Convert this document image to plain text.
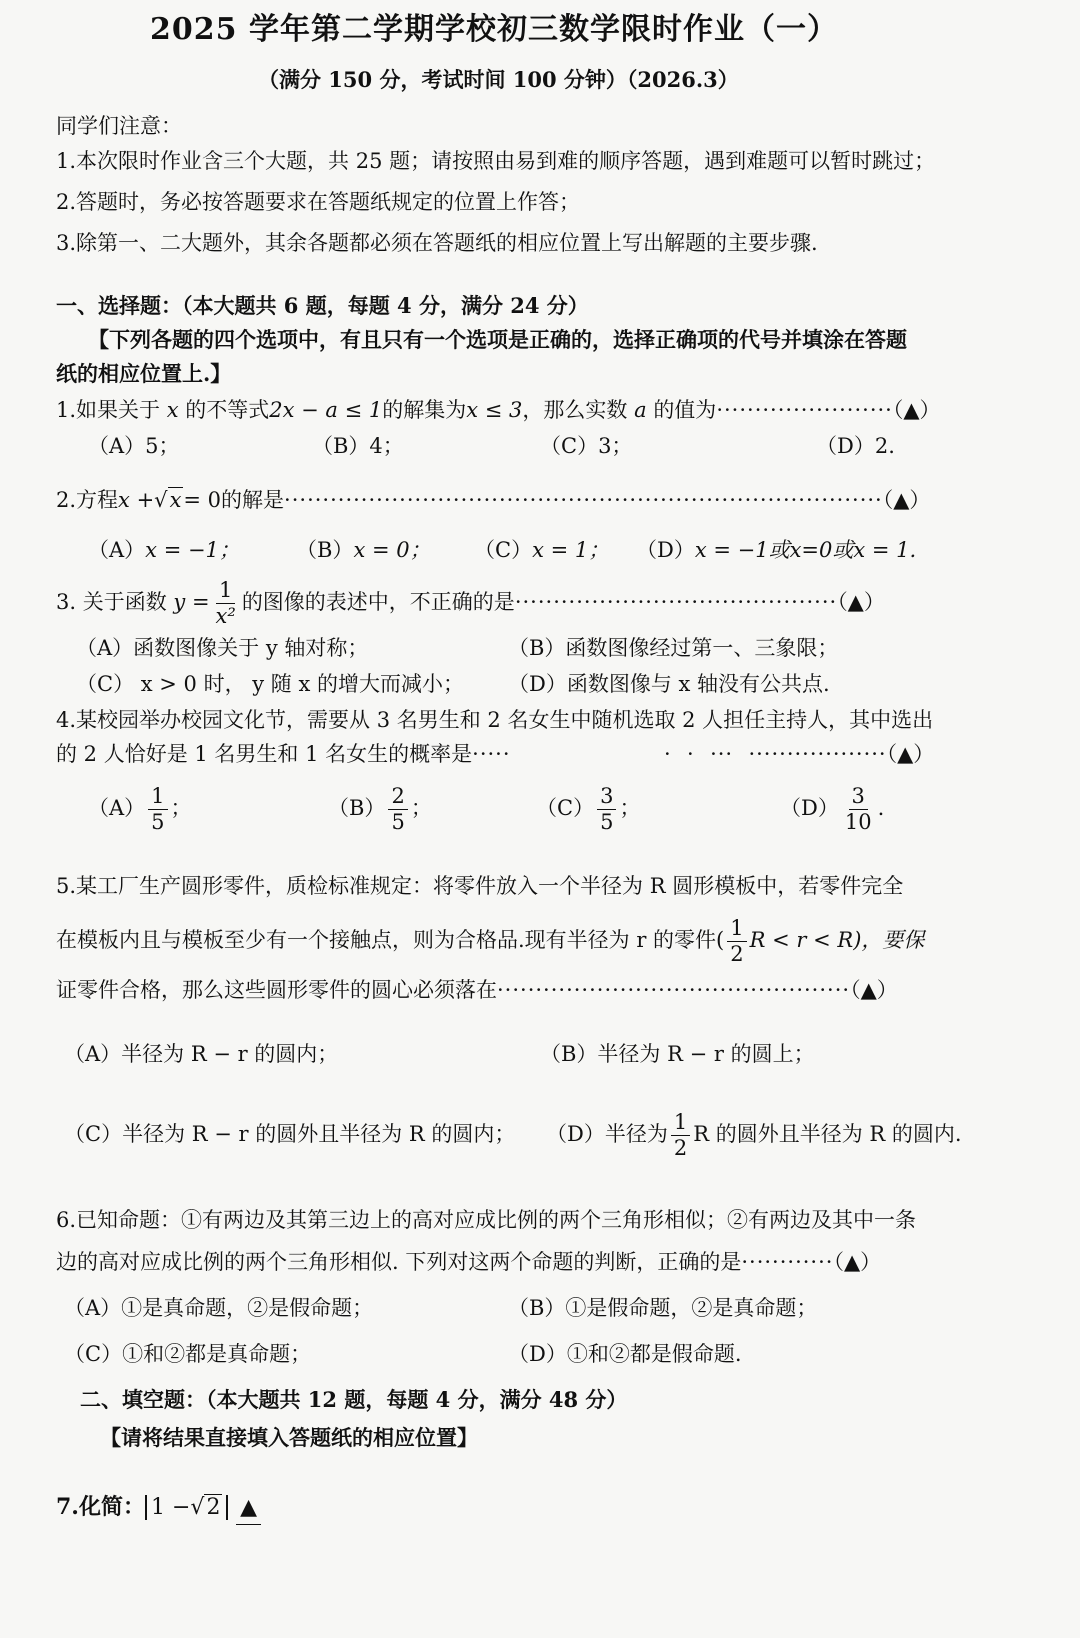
2025 学年第二学期学校初三数学限时作业（一）
（满分 150 分，考试时间 100 分钟）（2026.3）
同学们注意：
1.本次限时作业含三个大题，共 25 题；请按照由易到难的顺序答题，遇到难题可以暂时跳过；
2.答题时，务必按答题要求在答题纸规定的位置上作答；
3.除第一、二大题外，其余各题都必须在答题纸的相应位置上写出解题的主要步骤.
一、选择题：（本大题共 6 题，每题 4 分，满分 24 分）
【下列各题的四个选项中，有且只有一个选项是正确的，选择正确项的代号并填涂在答题
纸的相应位置上.】
1.如果关于 x 的不等式2x − a ≤ 1的解集为x ≤ 3，那么实数 a 的值为·······················（▲）
（A）5；	（B）4；	（C）3；	（D）2.
2.方程x +√x= 0的解是··············································································（▲）
（A）x = −1；	（B）x = 0； （C）x = 1； （D）x = −1或x=0或x = 1.
3. 关于函数 $y = \frac{1}{\text{x²}}$ 的图像的表述中，不正确的是··········································（▲）
（A）函数图像关于 y 轴对称；	（B）函数图像经过第一、三象限；
（C） x > 0 时， y 随 x 的增大而减小； （D）函数图像与 x 轴没有公共点.
4.某校园举办校园文化节，需要从 3 名男生和 2 名女生中随机选取 2 人担任主持人，其中选出
的 2 人恰好是 1 名男生和 1 名女生的概率是·····                    ·  ·  ···  ··················（▲）
$(A) \frac{1}{5}$ ；	$(B) \frac{2}{5}$ ；	$(C) \frac{3}{5}$ ；	$(D) \frac{3}{10}$ .
5.某工厂生产圆形零件，质检标准规定：将零件放入一个半径为 R 圆形模板中，若零件完全
在模板内且与模板至少有一个接触点，则为合格品.现有半径为 r 的零件( $\frac{1}{2}$ R < r < R)，要保
证零件合格，那么这些圆形零件的圆心必须落在··············································（▲）
（A）半径为 R − r 的圆内；	（B）半径为 R − r 的圆上；
（C）半径为 R − r 的圆外且半径为 R 的圆内； （D）半径为 $\frac{1}{2}$ R 的圆外且半径为 R 的圆内.
6.已知命题：①有两边及其第三边上的高对应成比例的两个三角形相似；②有两边及其中一条
边的高对应成比例的两个三角形相似. 下列对这两个命题的判断，正确的是············（▲）
（A）①是真命题，②是假命题；	（B）①是假命题，②是真命题；
（C）①和②都是真命题；	（D）①和②都是假命题.
二、填空题：（本大题共 12 题，每题 4 分，满分 48 分）
【请将结果直接填入答题纸的相应位置】
7.化简： 1 −√2 ▲
